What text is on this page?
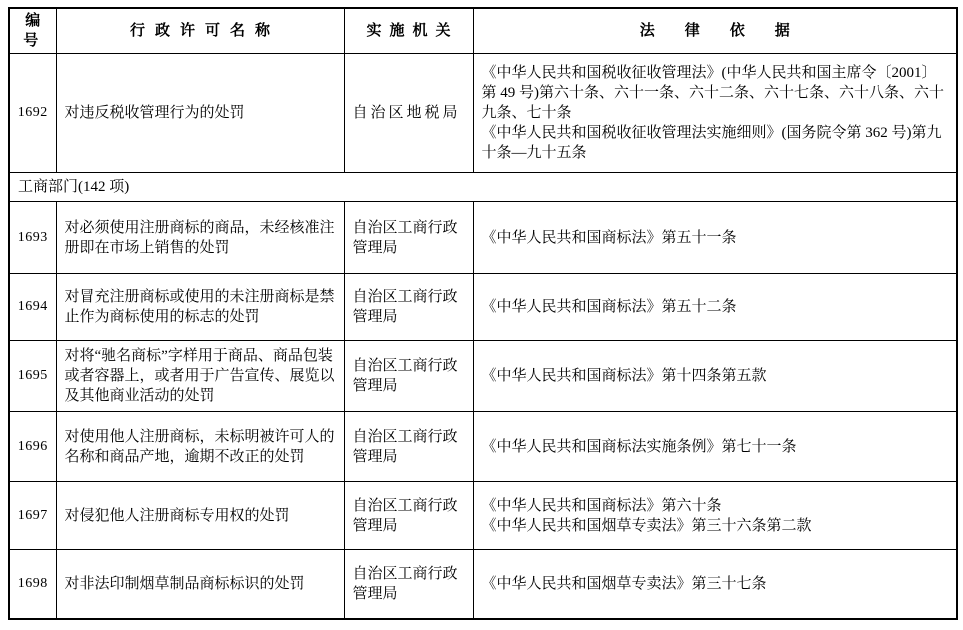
编号	行政许可名称	实施机关	法律依据
1692	对违反税收管理行为的处罚	自治区地税局	《中华人民共和国税收征收管理法》(中华人民共和国主席令〔2001〕第 49 号)第六十条、六十一条、六十二条、六十七条、六十八条、六十九条、七十条
《中华人民共和国税收征收管理法实施细则》(国务院令第 362 号)第九十条—九十五条

工商部门(142 项)			
1693	对必须使用注册商标的商品，未经核准注册即在市场上销售的处罚	自治区工商行政管理局	《中华人民共和国商标法》第五十一条

1694	对冒充注册商标或使用的未注册商标是禁止作为商标使用的标志的处罚	自治区工商行政管理局	《中华人民共和国商标法》第五十二条

1695	对将“驰名商标”字样用于商品、商品包装或者容器上，或者用于广告宣传、展览以及其他商业活动的处罚	自治区工商行政管理局	《中华人民共和国商标法》第十四条第五款

1696	对使用他人注册商标，未标明被许可人的名称和商品产地，逾期不改正的处罚	自治区工商行政管理局	《中华人民共和国商标法实施条例》第七十一条

1697	对侵犯他人注册商标专用权的处罚	自治区工商行政管理局	《中华人民共和国商标法》第六十条
《中华人民共和国烟草专卖法》第三十六条第二款

1698	对非法印制烟草制品商标标识的处罚	自治区工商行政管理局	《中华人民共和国烟草专卖法》第三十七条
